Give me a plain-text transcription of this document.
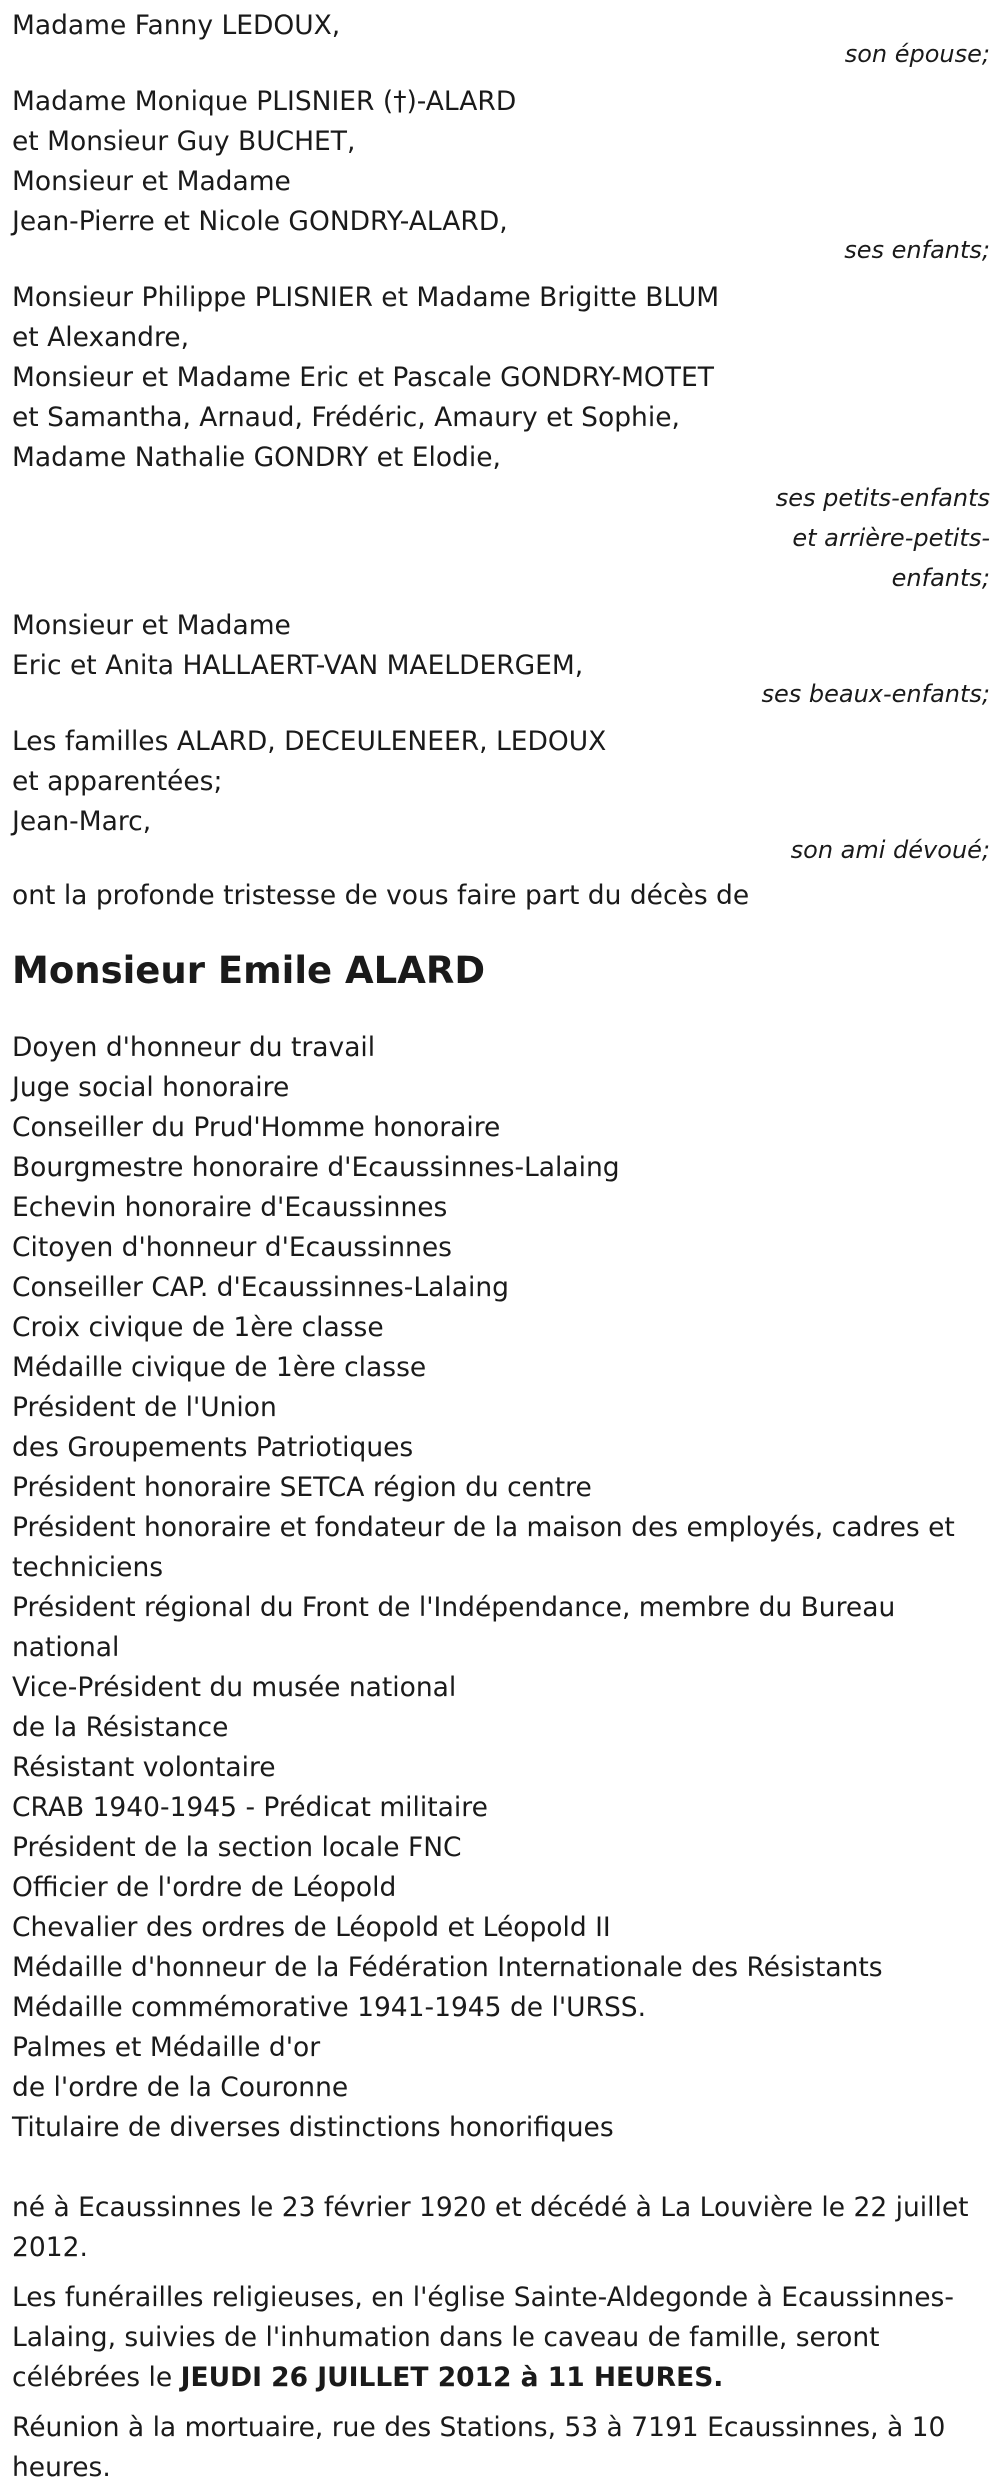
Madame Fanny LEDOUX,
son épouse;
Madame Monique PLISNIER (†)-ALARD
et Monsieur Guy BUCHET,
Monsieur et Madame
Jean-Pierre et Nicole GONDRY-ALARD,
ses enfants;
Monsieur Philippe PLISNIER et Madame Brigitte BLUM
et Alexandre,
Monsieur et Madame Eric et Pascale GONDRY-MOTET
et Samantha, Arnaud, Frédéric, Amaury et Sophie,
Madame Nathalie GONDRY et Elodie,
ses petits-enfants
et arrière-petits-
enfants;
Monsieur et Madame
Eric et Anita HALLAERT-VAN MAELDERGEM,
ses beaux-enfants;
Les familles ALARD, DECEULENEER, LEDOUX
et apparentées;
Jean-Marc,
son ami dévoué;
ont la profonde tristesse de vous faire part du décès de
Monsieur Emile ALARD
Doyen d'honneur du travail
Juge social honoraire
Conseiller du Prud'Homme honoraire
Bourgmestre honoraire d'Ecaussinnes-Lalaing
Echevin honoraire d'Ecaussinnes
Citoyen d'honneur d'Ecaussinnes
Conseiller CAP. d'Ecaussinnes-Lalaing
Croix civique de 1ère classe
Médaille civique de 1ère classe
Président de l'Union
des Groupements Patriotiques
Président honoraire SETCA région du centre
Président honoraire et fondateur de la maison des employés, cadres et techniciens
Président régional du Front de l'Indépendance, membre du Bureau national
Vice-Président du musée national
de la Résistance
Résistant volontaire
CRAB 1940-1945 - Prédicat militaire
Président de la section locale FNC
Officier de l'ordre de Léopold
Chevalier des ordres de Léopold et Léopold II
Médaille d'honneur de la Fédération Internationale des Résistants
Médaille commémorative 1941-1945 de l'URSS.
Palmes et Médaille d'or
de l'ordre de la Couronne
Titulaire de diverses distinctions honorifiques
né à Ecaussinnes le 23 février 1920 et décédé à La Louvière le 22 juillet 2012.
Les funérailles religieuses, en l'église Sainte-Aldegonde à Ecaussinnes-Lalaing, suivies de l'inhumation dans le caveau de famille, seront célébrées le JEUDI 26 JUILLET 2012 à 11 HEURES.
Réunion à la mortuaire, rue des Stations, 53 à 7191 Ecaussinnes, à 10 heures.
